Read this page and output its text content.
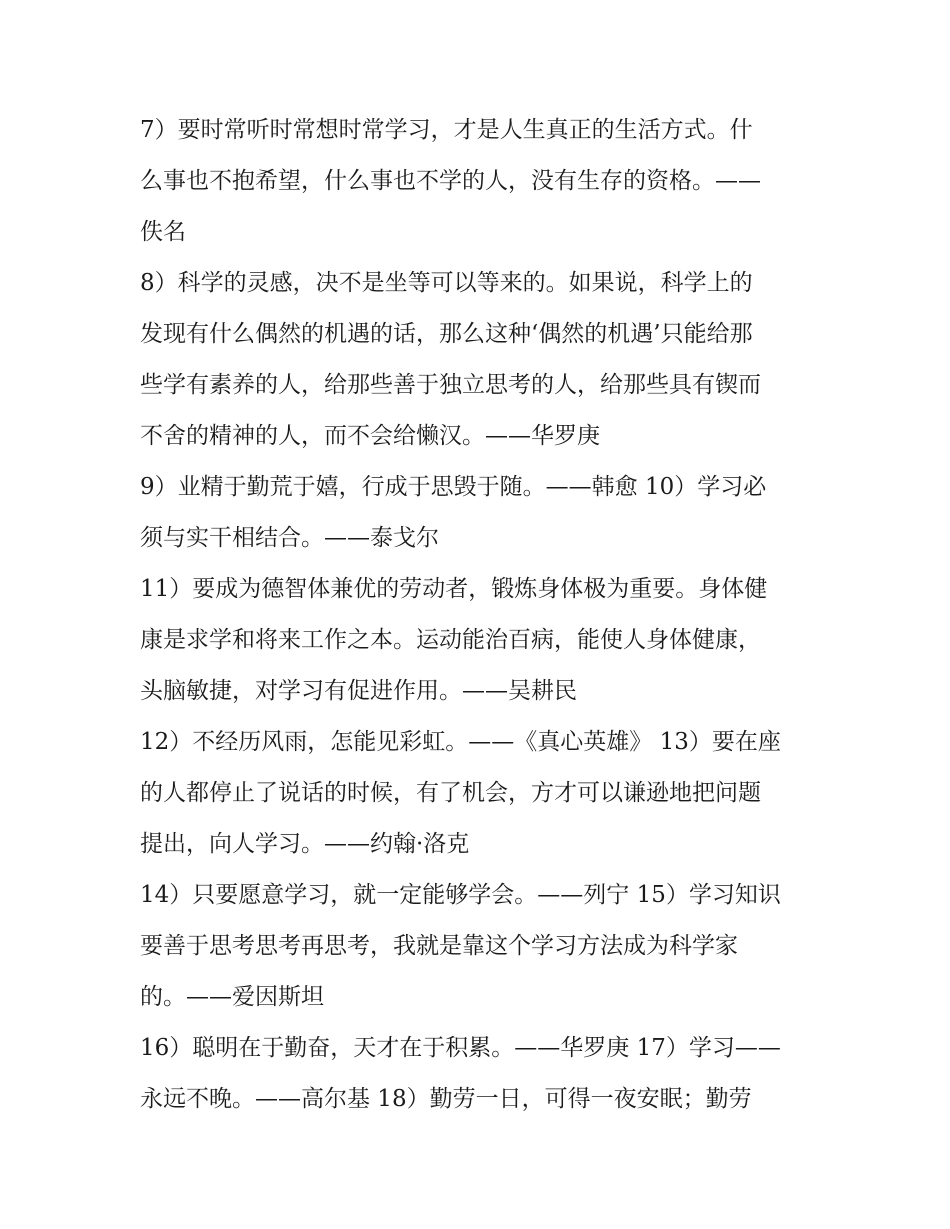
7）要时常听时常想时常学习，才是人生真正的生活方式。什
么事也不抱希望，什么事也不学的人，没有生存的资格。——
佚名
8）科学的灵感，决不是坐等可以等来的。如果说，科学上的
发现有什么偶然的机遇的话，那么这种‘偶然的机遇’只能给那
些学有素养的人，给那些善于独立思考的人，给那些具有锲而
不舍的精神的人，而不会给懒汉。——华罗庚
9）业精于勤荒于嬉，行成于思毁于随。——韩愈 10）学习必
须与实干相结合。——泰戈尔
11）要成为德智体兼优的劳动者，锻炼身体极为重要。身体健
康是求学和将来工作之本。运动能治百病，能使人身体健康，
头脑敏捷，对学习有促进作用。——吴耕民
12）不经历风雨，怎能见彩虹。——《真心英雄》 13）要在座
的人都停止了说话的时候，有了机会，方才可以谦逊地把问题
提出，向人学习。——约翰·洛克
14）只要愿意学习，就一定能够学会。——列宁 15）学习知识
要善于思考思考再思考，我就是靠这个学习方法成为科学家
的。——爱因斯坦
16）聪明在于勤奋，天才在于积累。——华罗庚 17）学习——
永远不晚。——高尔基 18）勤劳一日，可得一夜安眠；勤劳
